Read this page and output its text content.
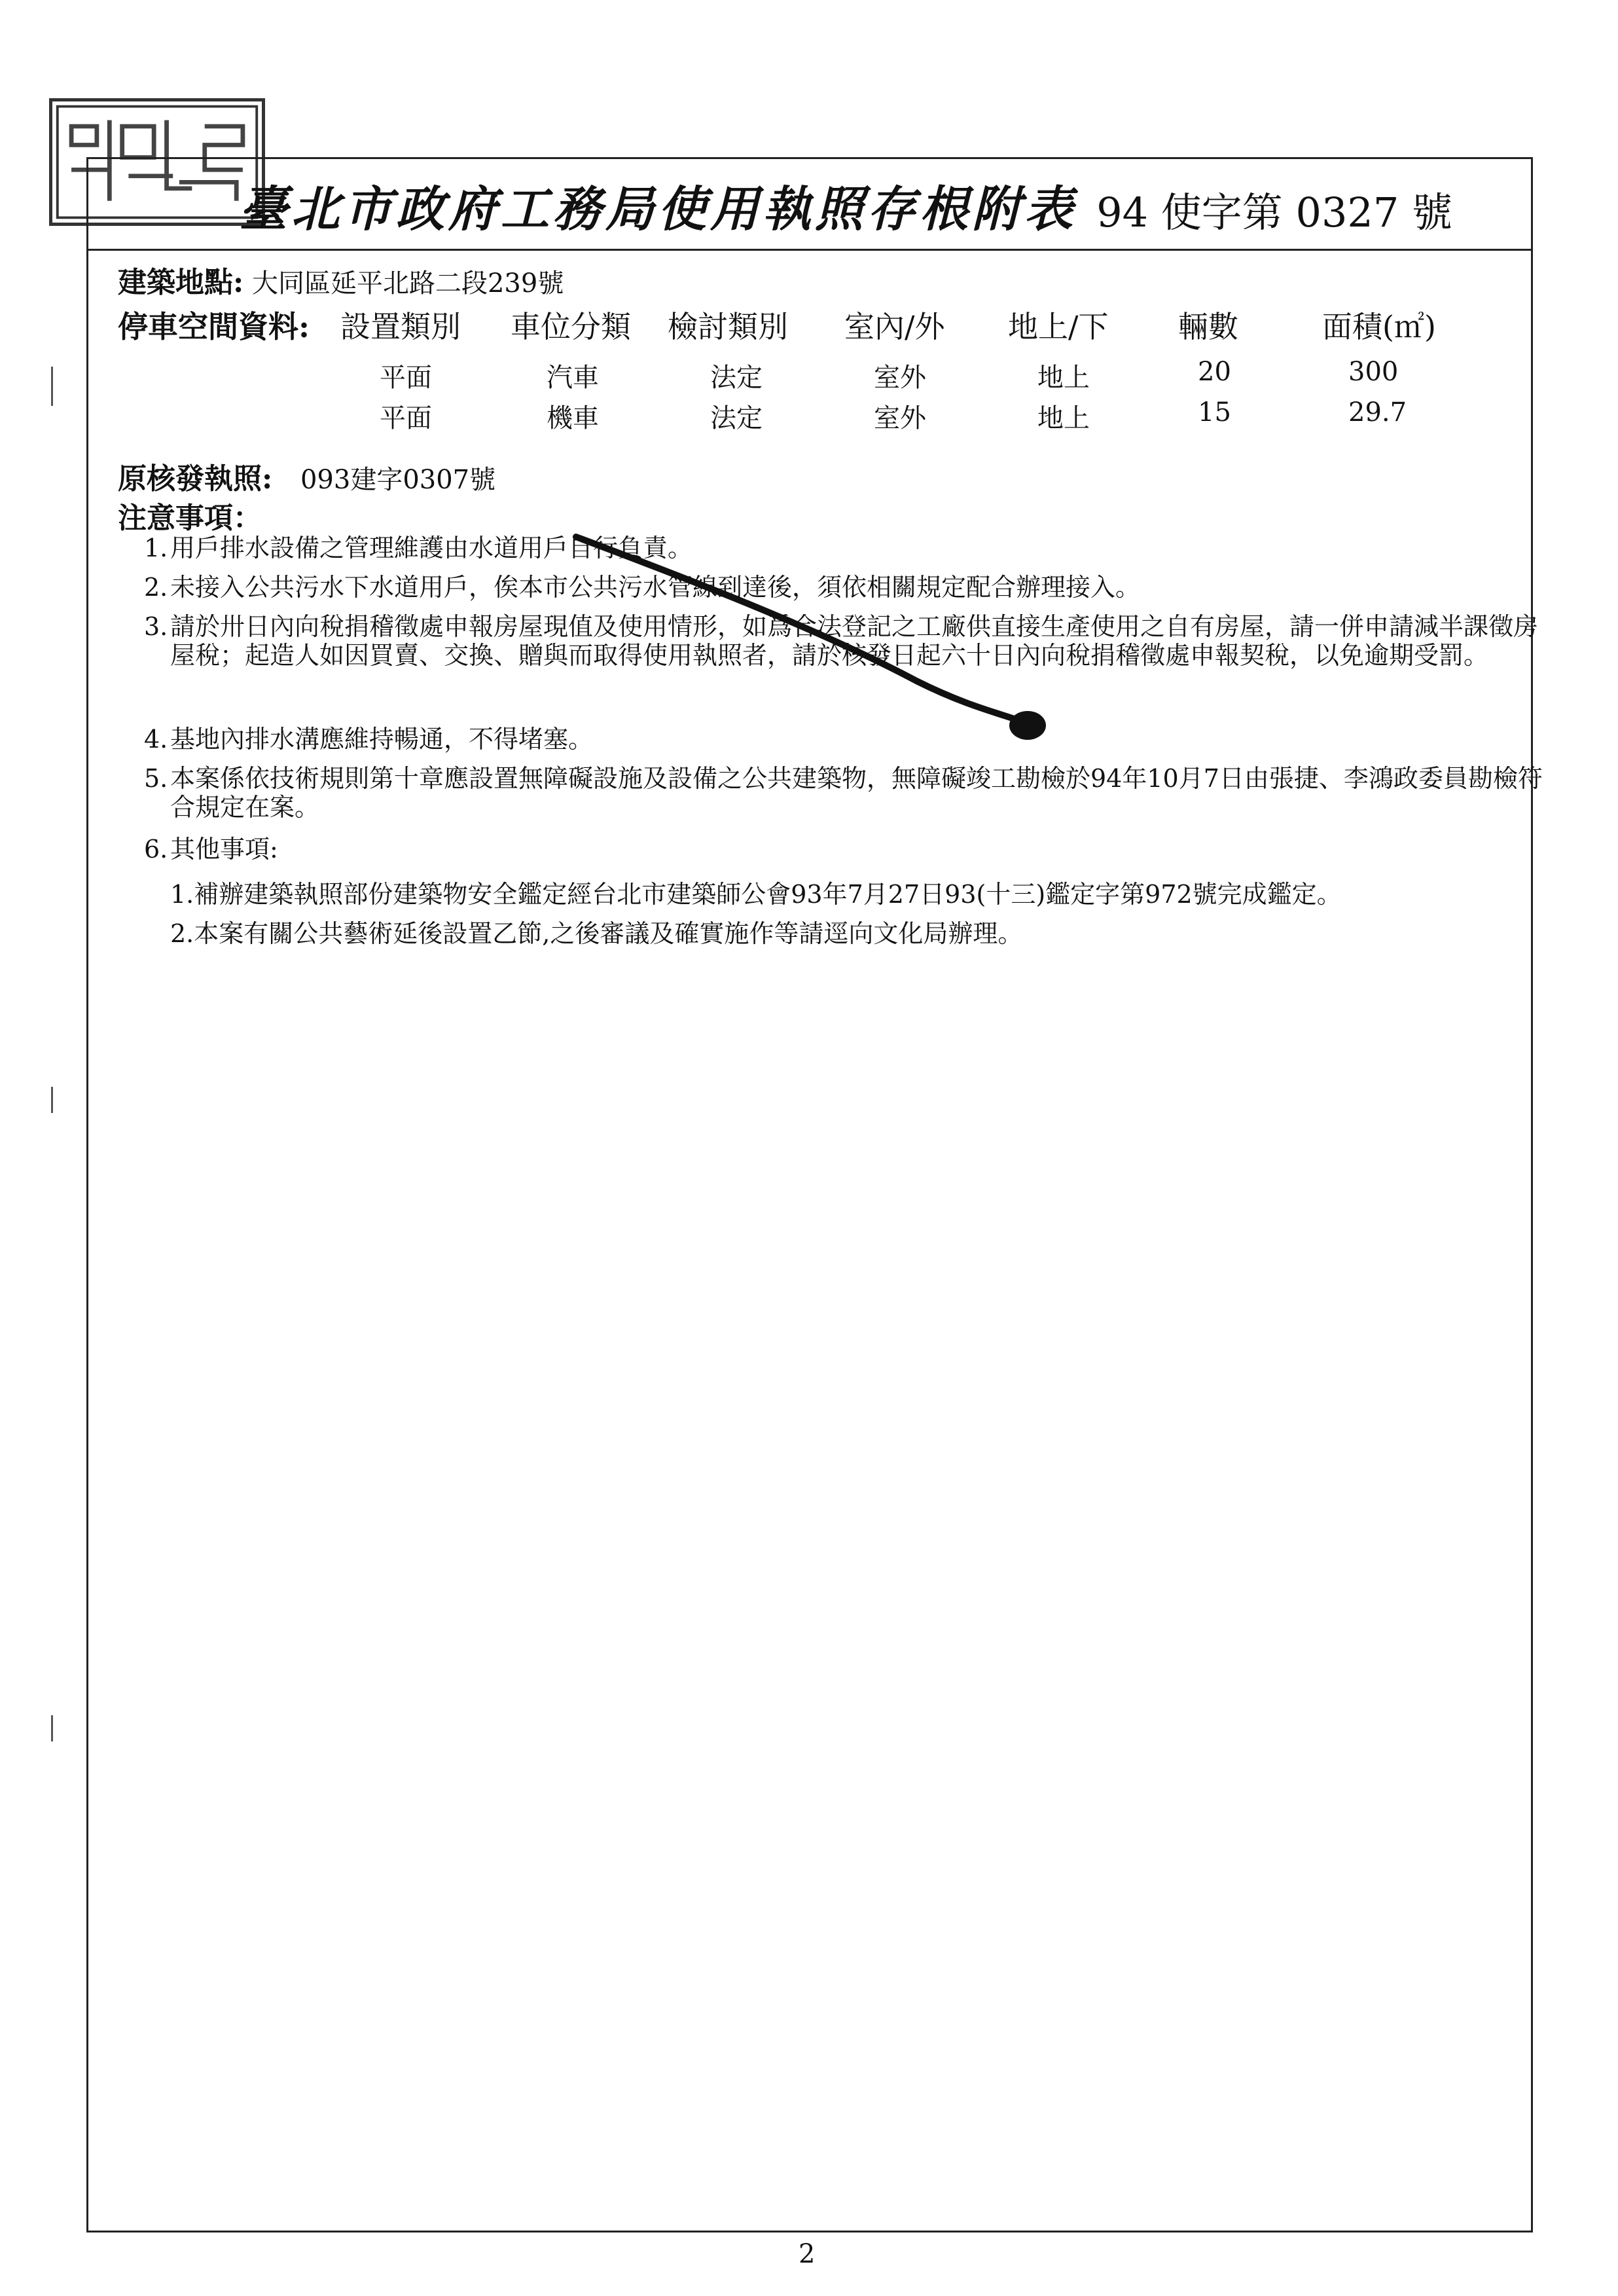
臺北市政府工務局使用執照存根附表 94 使字第 0327 號
建築地點: 大同區延平北路二段239號
停車空間資料: 設置類別 車位分類 檢討類別 室內/外 地上/下 輛數	面積(㎡)
平面	汽車	法定	室外	地上	20	300
平面	機車	法定	室外	地上	15	29.7
原核發執照: 093建字0307號
注意事項：
1. 用戶排水設備之管理維護由水道用戶自行負責。
2. 未接入公共污水下水道用戶，俟本市公共污水管線到達後，須依相關規定配合辦理接入。
3. 請於卅日內向稅捐稽徵處申報房屋現值及使用情形，如爲合法登記之工廠供直接生產使用之自有房屋，請一併申請減半課徵房屋稅；起造人如因買賣、交換、贈與而取得使用執照者，請於核發日起六十日內向稅捐稽徵處申報契稅，以免逾期受罰。
4. 基地內排水溝應維持暢通，不得堵塞。
5. 本案係依技術規則第十章應設置無障礙設施及設備之公共建築物，無障礙竣工勘檢於94年10月7日由張捷、李鴻政委員勘檢符合規定在案。
6. 其他事項:
1.補辦建築執照部份建築物安全鑑定經台北市建築師公會93年7月27日93(十三)鑑定字第972號完成鑑定。
2.本案有關公共藝術延後設置乙節,之後審議及確實施作等請逕向文化局辦理。
2
